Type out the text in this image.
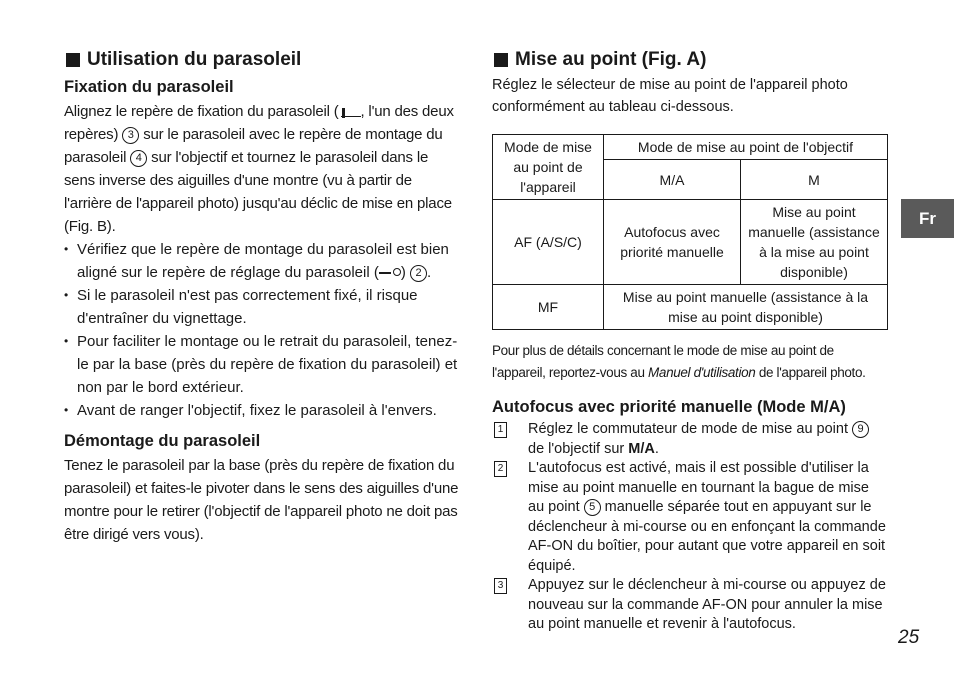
Utilisation du parasoleil
Fixation du parasoleil

Alignez le repère de fixation du parasoleil ( , l'un des deux repères) 3 sur le parasoleil avec le repère de montage du parasoleil 4 sur l'objectif et tournez le parasoleil dans le sens inverse des aiguilles d'une montre (vu à partir de l'arrière de l'appareil photo) jusqu'au déclic de mise en place (Fig. B).

• Vérifiez que le repère de montage du parasoleil est bien aligné sur le repère de réglage du parasoleil ( ) 2 .
• Si le parasoleil n'est pas correctement fixé, il risque d'entraîner du vignettage.
• Pour faciliter le montage ou le retrait du parasoleil, tenez-le par la base (près du repère de fixation du parasoleil) et non par le bord extérieur.
• Avant de ranger l'objectif, fixez le parasoleil à l'envers.
Démontage du parasoleil

Tenez le parasoleil par la base (près du repère de fixation du parasoleil) et faites-le pivoter dans le sens des aiguilles d'une montre pour le retirer (l'objectif de l'appareil photo ne doit pas être dirigé vers vous).

Mise au point (Fig. A)

Réglez le sélecteur de mise au point de l'appareil photo conformément au tableau ci-dessous.

Mode de mise au point de l'appareil	Mode de mise au point de l'objectif	
	M/A	M
AF (A/S/C)	Autofocus avec priorité manuelle	Mise au point manuelle (assistance à la mise au point disponible)
MF	Mise au point manuelle (assistance à la mise au point disponible)	

Pour plus de détails concernant le mode de mise au point de l'appareil, reportez-vous au Manuel d'utilisation de l'appareil photo.

Autofocus avec priorité manuelle (Mode M/A)
1 Réglez le commutateur de mode de mise au point 9 de l'objectif sur M/A.
2 L'autofocus est activé, mais il est possible d'utiliser la mise au point manuelle en tournant la bague de mise au point 5 manuelle séparée tout en appuyant sur le déclencheur à mi-course ou en enfonçant la commande AF-ON du boîtier, pour autant que votre appareil en soit équipé.
3 Appuyez sur le déclencheur à mi-course ou appuyez de nouveau sur la commande AF-ON pour annuler la mise au point manuelle et revenir à l'autofocus.
Fr
25
